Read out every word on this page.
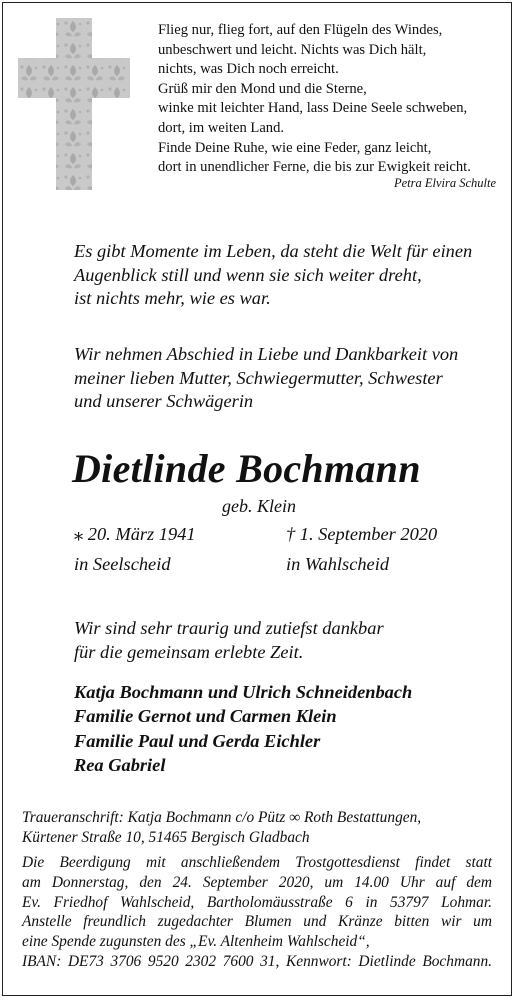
Flieg nur, flieg fort, auf den Flügeln des Windes,
unbeschwert und leicht. Nichts was Dich hält,
nichts, was Dich noch erreicht.
Grüß mir den Mond und die Sterne,
winke mit leichter Hand, lass Deine Seele schweben,
dort, im weiten Land.
Finde Deine Ruhe, wie eine Feder, ganz leicht,
dort in unendlicher Ferne, die bis zur Ewigkeit reicht.
Petra Elvira Schulte
Es gibt Momente im Leben, da steht die Welt für einen
Augenblick still und wenn sie sich weiter dreht,
ist nichts mehr, wie es war.
Wir nehmen Abschied in Liebe und Dankbarkeit von
meiner lieben Mutter, Schwiegermutter, Schwester
und unserer Schwägerin
Dietlinde Bochmann
geb. Klein
⁎ 20. März 1941	† 1. September 2020
in Seelscheid	in Wahlscheid
Wir sind sehr traurig und zutiefst dankbar
für die gemeinsam erlebte Zeit.
Katja Bochmann und Ulrich Schneidenbach
Familie Gernot und Carmen Klein
Familie Paul und Gerda Eichler
Rea Gabriel
Traueranschrift: Katja Bochmann c/o Pütz ∞ Roth Bestattungen,
Kürtener Straße 10, 51465 Bergisch Gladbach
Die Beerdigung mit anschließendem Trostgottesdienst findet statt
am Donnerstag, den 24. September 2020, um 14.00 Uhr auf dem
Ev. Friedhof Wahlscheid, Bartholomäusstraße 6 in 53797 Lohmar.
Anstelle freundlich zugedachter Blumen und Kränze bitten wir um
eine Spende zugunsten des „Ev. Altenheim Wahlscheid“,
IBAN: DE73 3706 9520 2302 7600 31, Kennwort: Dietlinde Bochmann.
